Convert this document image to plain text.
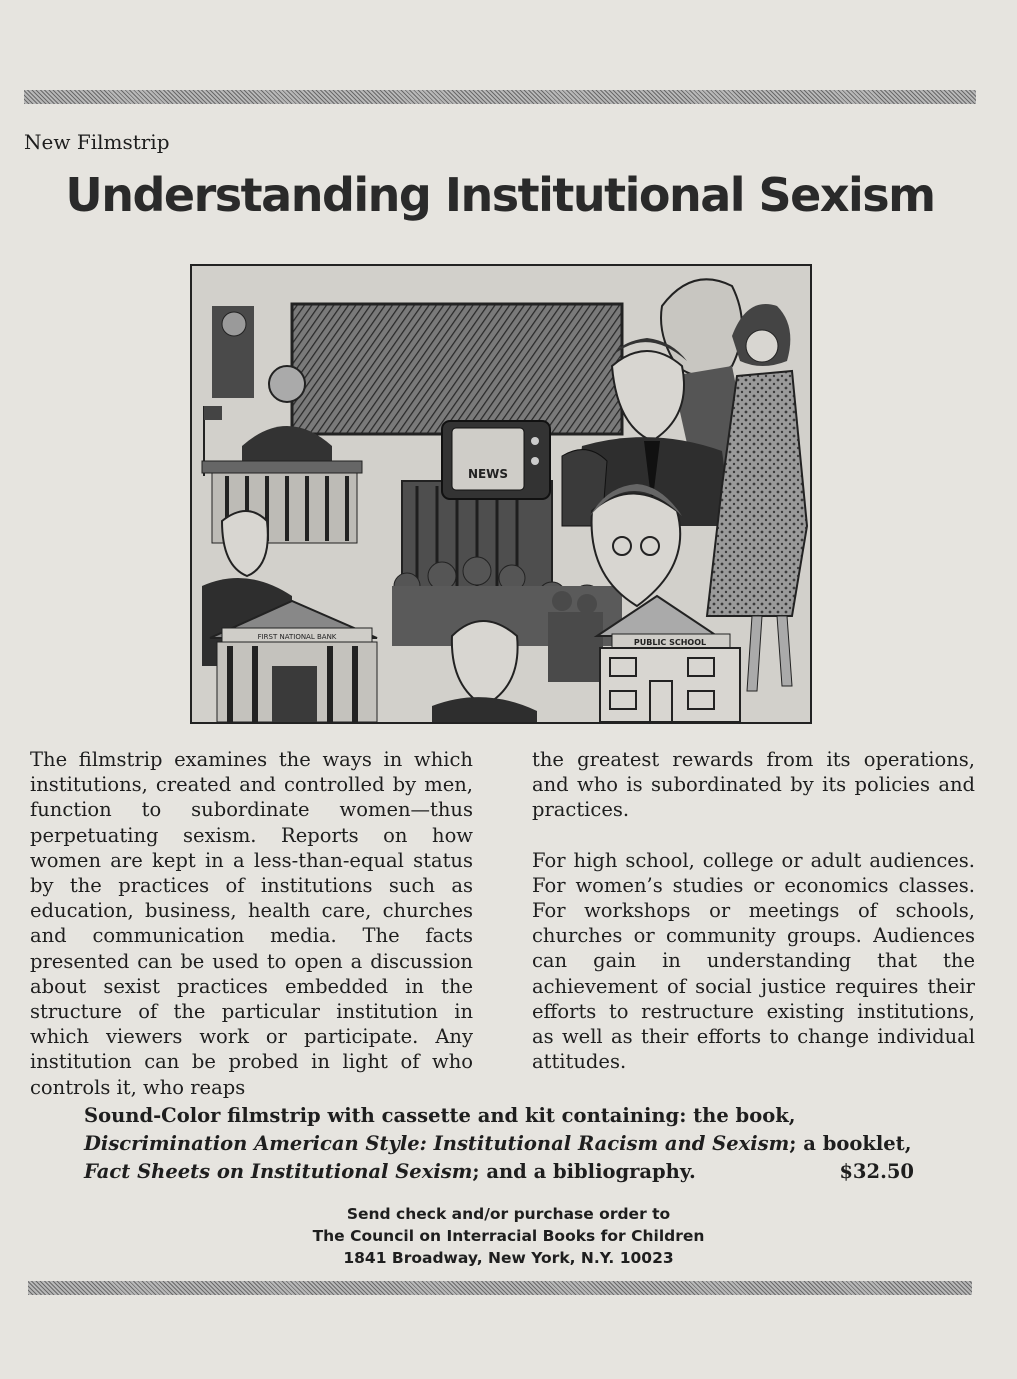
New Filmstrip
Understanding Institutional Sexism
NEWS
FIRST NATIONAL BANK
PUBLIC SCHOOL

The filmstrip examines the ways in which institutions, created and controlled by men, function to subordinate women—thus perpetuating sexism. Reports on how women are kept in a less-than-equal status by the practices of institutions such as education, business, health care, churches and communication media. The facts presented can be used to open a discussion about sexist practices embedded in the structure of the particular institution in which viewers work or participate. Any institution can be probed in light of who controls it, who reaps

the greatest rewards from its operations, and who is subordinated by its policies and practices.

For high school, college or adult audiences. For women’s studies or economics classes. For workshops or meetings of schools, churches or community groups. Audiences can gain in understanding that the achievement of social justice requires their efforts to restructure existing institutions, as well as their efforts to change individual attitudes.

Sound-Color filmstrip with cassette and kit containing: the book, Discrimination American Style: Institutional Racism and Sexism; a booklet, Fact Sheets on Institutional Sexism; and a bibliography.	$32.50
Send check and/or purchase order to
The Council on Interracial Books for Children
1841 Broadway, New York, N.Y. 10023
